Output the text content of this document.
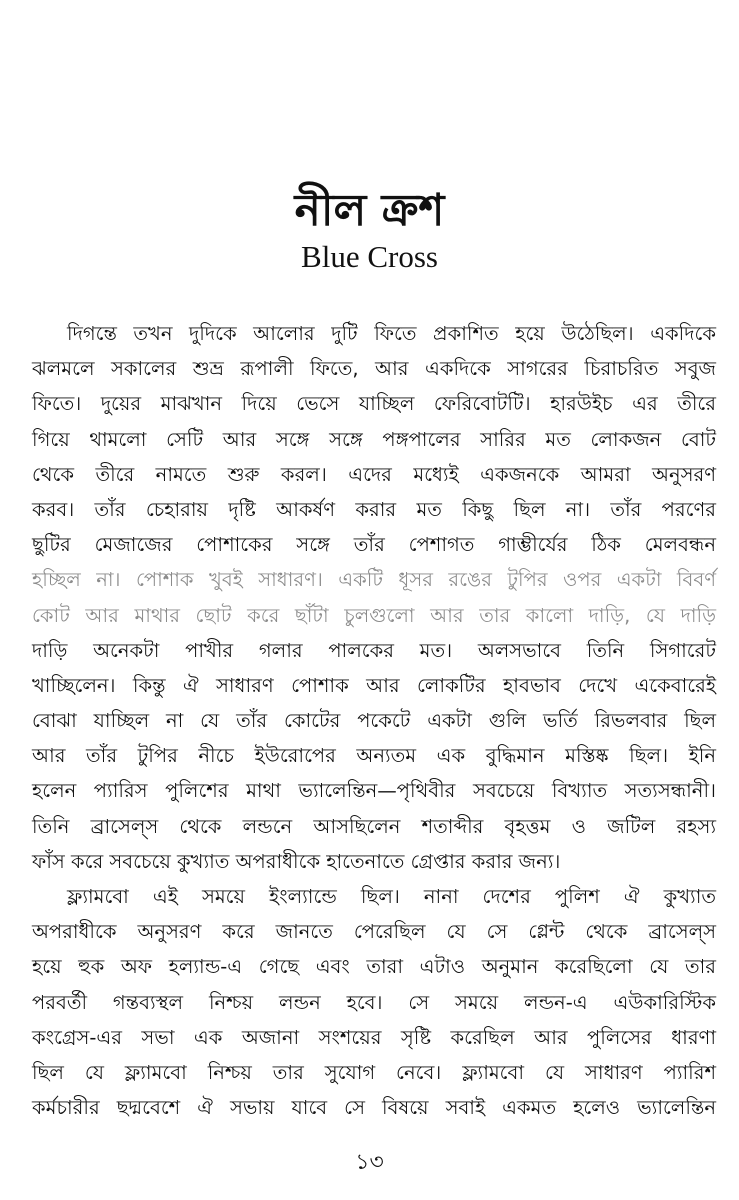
নীল ক্রশ
Blue Cross
দিগন্তে তখন দুদিকে আলোর দুটি ফিতে প্রকাশিত হয়ে উঠেছিল। একদিকে
ঝলমলে সকালের শুভ্র রূপালী ফিতে, আর একদিকে সাগরের চিরাচরিত সবুজ
ফিতে। দুয়ের মাঝখান দিয়ে ভেসে যাচ্ছিল ফেরিবোটটি। হারউইচ এর তীরে
গিয়ে থামলো সেটি আর সঙ্গে সঙ্গে পঙ্গপালের সারির মত লোকজন বোট
থেকে তীরে নামতে শুরু করল। এদের মধ্যেই একজনকে আমরা অনুসরণ
করব। তাঁর চেহারায় দৃষ্টি আকর্ষণ করার মত কিছু ছিল না। তাঁর পরণের
ছুটির মেজাজের পোশাকের সঙ্গে তাঁর পেশাগত গাম্ভীর্যের ঠিক মেলবন্ধন
হচ্ছিল না। পোশাক খুবই সাধারণ। একটি ধূসর রঙের টুপির ওপর একটা বিবর্ণ
কোট আর মাথার ছোট করে ছাঁটা চুলগুলো আর তার কালো দাড়ি, যে দাড়ি
দাড়ি অনেকটা পাখীর গলার পালকের মত। অলসভাবে তিনি সিগারেট
খাচ্ছিলেন। কিন্তু ঐ সাধারণ পোশাক আর লোকটির হাবভাব দেখে একেবারেই
বোঝা যাচ্ছিল না যে তাঁর কোটের পকেটে একটা গুলি ভর্তি রিভলবার ছিল
আর তাঁর টুপির নীচে ইউরোপের অন্যতম এক বুদ্ধিমান মস্তিষ্ক ছিল। ইনি
হলেন প্যারিস পুলিশের মাথা ভ্যালেন্তিন—পৃথিবীর সবচেয়ে বিখ্যাত সত্যসন্ধানী।
তিনি ব্রাসেল্‌স থেকে লন্ডনে আসছিলেন শতাব্দীর বৃহত্তম ও জটিল রহস্য
ফাঁস করে সবচেয়ে কুখ্যাত অপরাধীকে হাতেনাতে গ্রেপ্তার করার জন্য।
ফ্ল্যামবো এই সময়ে ইংল্যান্ডে ছিল। নানা দেশের পুলিশ ঐ কুখ্যাত
অপরাধীকে অনুসরণ করে জানতে পেরেছিল যে সে গ্লেন্ট থেকে ব্রাসেল্‌স
হয়ে হুক অফ হল্যান্ড-এ গেছে এবং তারা এটাও অনুমান করেছিলো যে তার
পরবর্তী গন্তব্যস্থল নিশ্চয় লন্ডন হবে। সে সময়ে লন্ডন-এ এউকারিস্টিক
কংগ্রেস-এর সভা এক অজানা সংশয়ের সৃষ্টি করেছিল আর পুলিসের ধারণা
ছিল যে ফ্ল্যামবো নিশ্চয় তার সুযোগ নেবে। ফ্ল্যামবো যে সাধারণ প্যারিশ
কর্মচারীর ছদ্মবেশে ঐ সভায় যাবে সে বিষয়ে সবাই একমত হলেও ভ্যালেন্তিন
১৩
